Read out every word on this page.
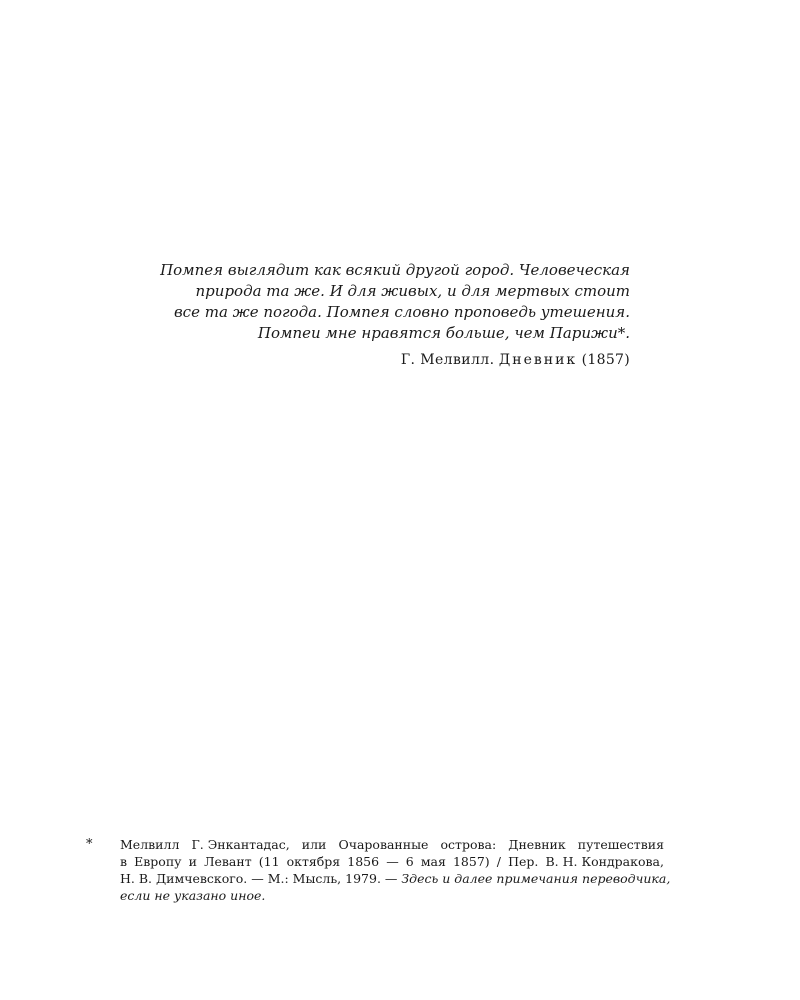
Помпея выглядит как всякий другой город. Человеческая
природа та же. И для живых, и для мертвых стоит
все та же погода. Помпея словно проповедь утешения.
Помпеи мне нравятся больше, чем Парижи*.
Г. Мелвилл. Дневник (1857)
* Мелвилл Г. Энкантадас, или Очарованные острова: Дневник путешествия
в Европу и Левант (11 октября 1856 — 6 мая 1857) / Пер. В. Н. Кондракова,
Н. В. Димчевского. — М.: Мысль, 1979. — Здесь и далее примечания переводчика,
если не указано иное.
